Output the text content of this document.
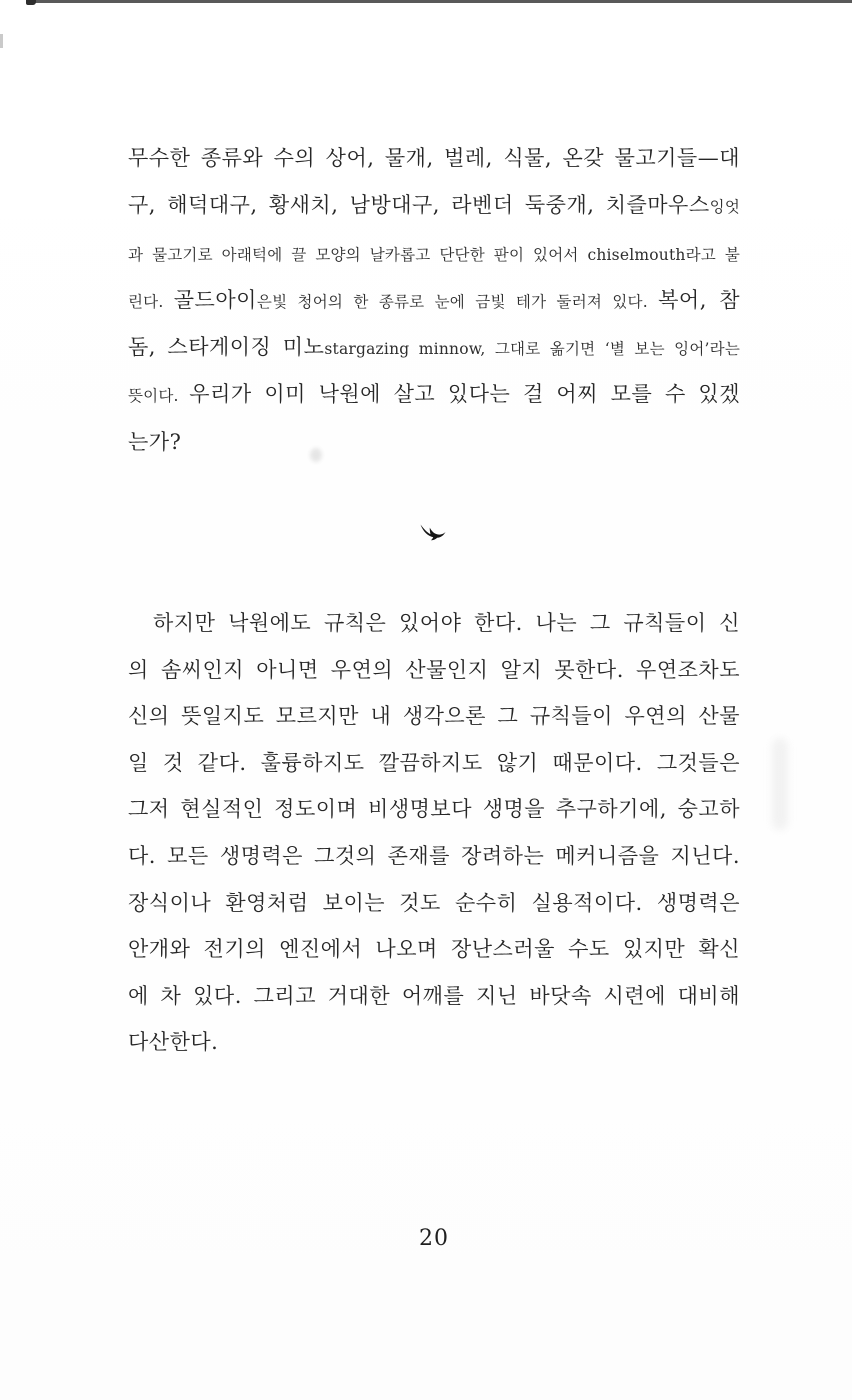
무수한 종류와 수의 상어, 물개, 벌레, 식물, 온갖 물고기들—대
구, 해덕대구, 황새치, 남방대구, 라벤더 둑중개, 치즐마우스잉엇
과 물고기로 아래턱에 끌 모양의 날카롭고 단단한 판이 있어서 chiselmouth라고 불
린다. 골드아이은빛 청어의 한 종류로 눈에 금빛 테가 둘러져 있다. 복어, 참
돔, 스타게이징 미노stargazing minnow, 그대로 옮기면 ‘별 보는 잉어’라는
뜻이다. 우리가 이미 낙원에 살고 있다는 걸 어찌 모를 수 있겠
는가?
하지만 낙원에도 규칙은 있어야 한다. 나는 그 규칙들이 신
의 솜씨인지 아니면 우연의 산물인지 알지 못한다. 우연조차도
신의 뜻일지도 모르지만 내 생각으론 그 규칙들이 우연의 산물
일 것 같다. 훌륭하지도 깔끔하지도 않기 때문이다. 그것들은
그저 현실적인 정도이며 비생명보다 생명을 추구하기에, 숭고하
다. 모든 생명력은 그것의 존재를 장려하는 메커니즘을 지닌다.
장식이나 환영처럼 보이는 것도 순수히 실용적이다. 생명력은
안개와 전기의 엔진에서 나오며 장난스러울 수도 있지만 확신
에 차 있다. 그리고 거대한 어깨를 지닌 바닷속 시련에 대비해
다산한다.
20
